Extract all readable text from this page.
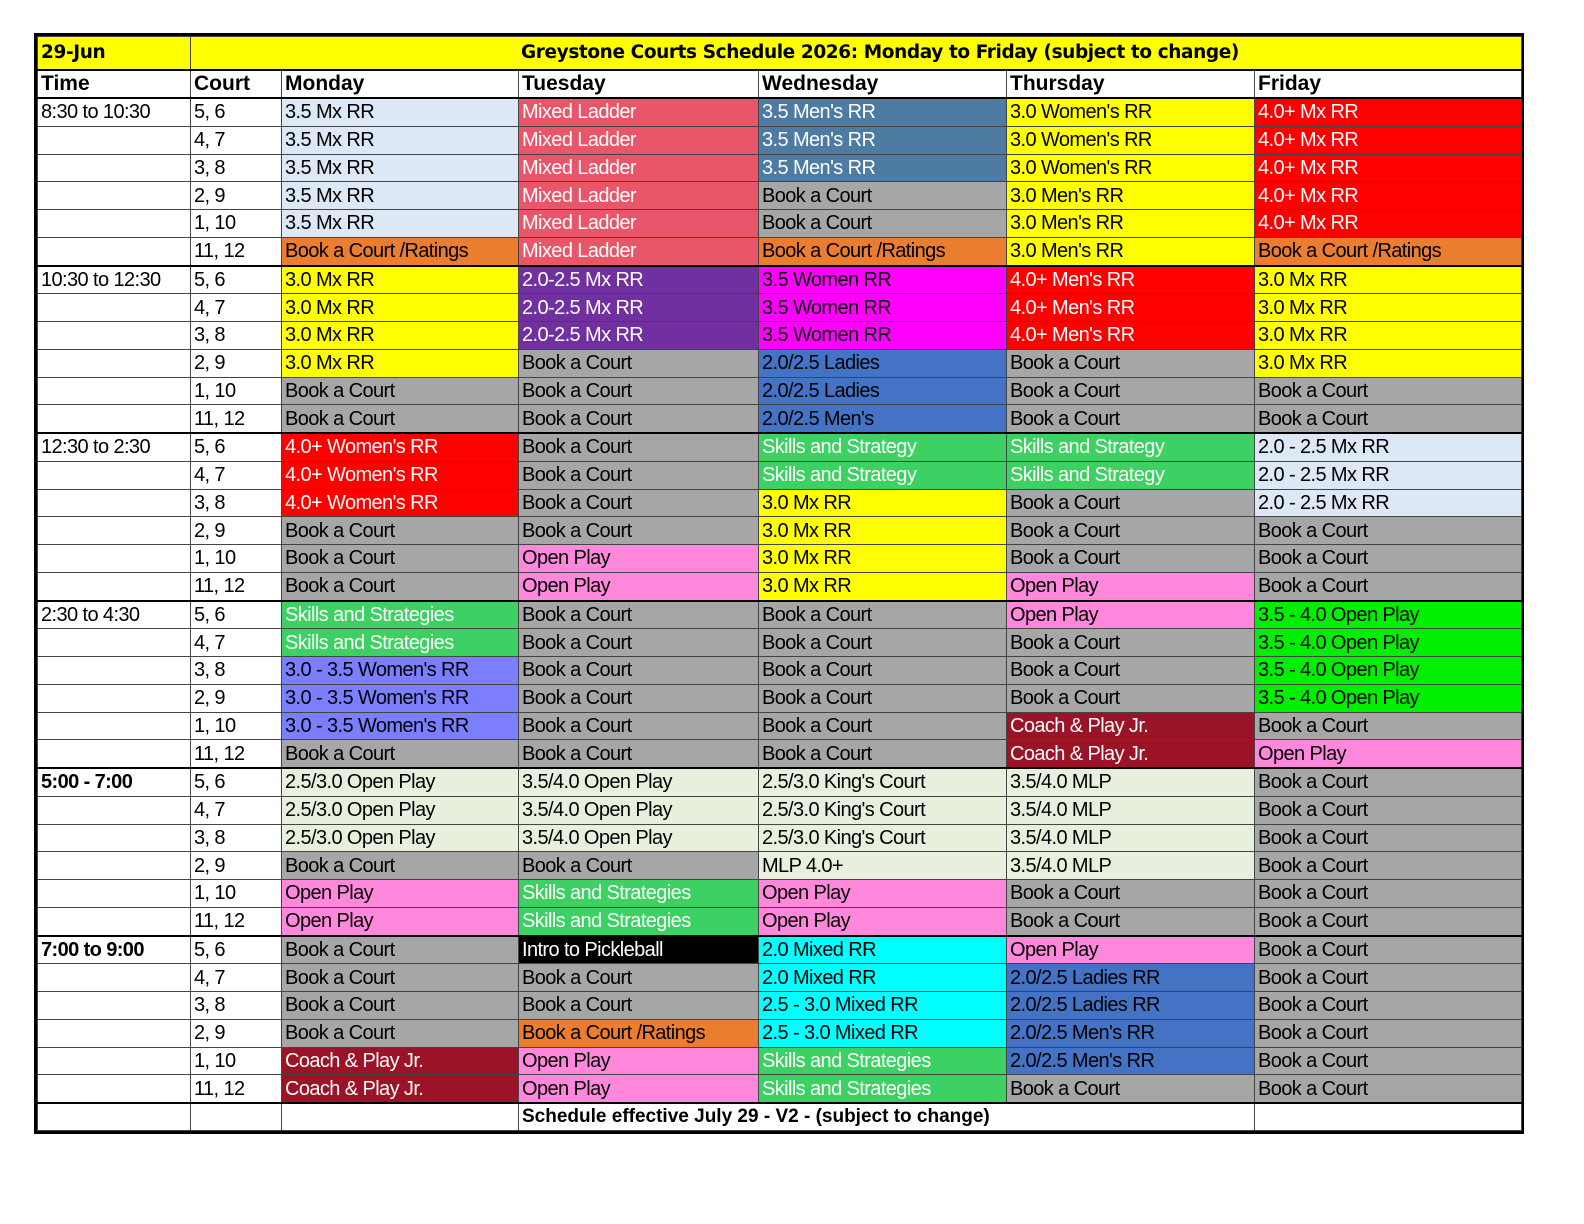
29-Jun	Greystone Courts Schedule 2026: Monday to Friday (subject to change)					
Time	Court	Monday	Tuesday	Wednesday	Thursday	Friday
8:30 to 10:30	5, 6	3.5 Mx RR	Mixed Ladder	3.5 Men's RR	3.0 Women's RR	4.0+ Mx RR
	4, 7	3.5 Mx RR	Mixed Ladder	3.5 Men's RR	3.0 Women's RR	4.0+ Mx RR
	3, 8	3.5 Mx RR	Mixed Ladder	3.5 Men's RR	3.0 Women's RR	4.0+ Mx RR
	2, 9	3.5 Mx RR	Mixed Ladder	Book a Court	3.0 Men's RR	4.0+ Mx RR
	1, 10	3.5 Mx RR	Mixed Ladder	Book a Court	3.0 Men's RR	4.0+ Mx RR
	11, 12	Book a Court /Ratings	Mixed Ladder	Book a Court /Ratings	3.0 Men's RR	Book a Court /Ratings
10:30 to 12:30	5, 6	3.0 Mx RR	2.0-2.5 Mx RR	3.5 Women RR	4.0+ Men's RR	3.0 Mx RR
	4, 7	3.0 Mx RR	2.0-2.5 Mx RR	3.5 Women RR	4.0+ Men's RR	3.0 Mx RR
	3, 8	3.0 Mx RR	2.0-2.5 Mx RR	3.5 Women RR	4.0+ Men's RR	3.0 Mx RR
	2, 9	3.0 Mx RR	Book a Court	2.0/2.5 Ladies	Book a Court	3.0 Mx RR
	1, 10	Book a Court	Book a Court	2.0/2.5 Ladies	Book a Court	Book a Court
	11, 12	Book a Court	Book a Court	2.0/2.5 Men's	Book a Court	Book a Court
12:30 to 2:30	5, 6	4.0+ Women's RR	Book a Court	Skills and Strategy	Skills and Strategy	2.0 - 2.5 Mx RR
	4, 7	4.0+ Women's RR	Book a Court	Skills and Strategy	Skills and Strategy	2.0 - 2.5 Mx RR
	3, 8	4.0+ Women's RR	Book a Court	3.0 Mx RR	Book a Court	2.0 - 2.5 Mx RR
	2, 9	Book a Court	Book a Court	3.0 Mx RR	Book a Court	Book a Court
	1, 10	Book a Court	Open Play	3.0 Mx RR	Book a Court	Book a Court
	11, 12	Book a Court	Open Play	3.0 Mx RR	Open Play	Book a Court
2:30 to 4:30	5, 6	Skills and Strategies	Book a Court	Book a Court	Open Play	3.5 - 4.0 Open Play
	4, 7	Skills and Strategies	Book a Court	Book a Court	Book a Court	3.5 - 4.0 Open Play
	3, 8	3.0 - 3.5 Women's RR	Book a Court	Book a Court	Book a Court	3.5 - 4.0 Open Play
	2, 9	3.0 - 3.5 Women's RR	Book a Court	Book a Court	Book a Court	3.5 - 4.0 Open Play
	1, 10	3.0 - 3.5 Women's RR	Book a Court	Book a Court	Coach & Play Jr.	Book a Court
	11, 12	Book a Court	Book a Court	Book a Court	Coach & Play Jr.	Open Play
5:00 - 7:00	5, 6	2.5/3.0 Open Play	3.5/4.0 Open Play	2.5/3.0 King's Court	3.5/4.0 MLP	Book a Court
	4, 7	2.5/3.0 Open Play	3.5/4.0 Open Play	2.5/3.0 King's Court	3.5/4.0 MLP	Book a Court
	3, 8	2.5/3.0 Open Play	3.5/4.0 Open Play	2.5/3.0 King's Court	3.5/4.0 MLP	Book a Court
	2, 9	Book a Court	Book a Court	MLP 4.0+	3.5/4.0 MLP	Book a Court
	1, 10	Open Play	Skills and Strategies	Open Play	Book a Court	Book a Court
	11, 12	Open Play	Skills and Strategies	Open Play	Book a Court	Book a Court
7:00 to 9:00	5, 6	Book a Court	Intro to Pickleball	2.0 Mixed RR	Open Play	Book a Court
	4, 7	Book a Court	Book a Court	2.0 Mixed RR	2.0/2.5 Ladies RR	Book a Court
	3, 8	Book a Court	Book a Court	2.5 - 3.0 Mixed RR	2.0/2.5 Ladies RR	Book a Court
	2, 9	Book a Court	Book a Court /Ratings	2.5 - 3.0 Mixed RR	2.0/2.5 Men's RR	Book a Court
	1, 10	Coach & Play Jr.	Open Play	Skills and Strategies	2.0/2.5 Men's RR	Book a Court
	11, 12	Coach & Play Jr.	Open Play	Skills and Strategies	Book a Court	Book a Court
			Schedule effective July 29 - V2 - (subject to change)			
